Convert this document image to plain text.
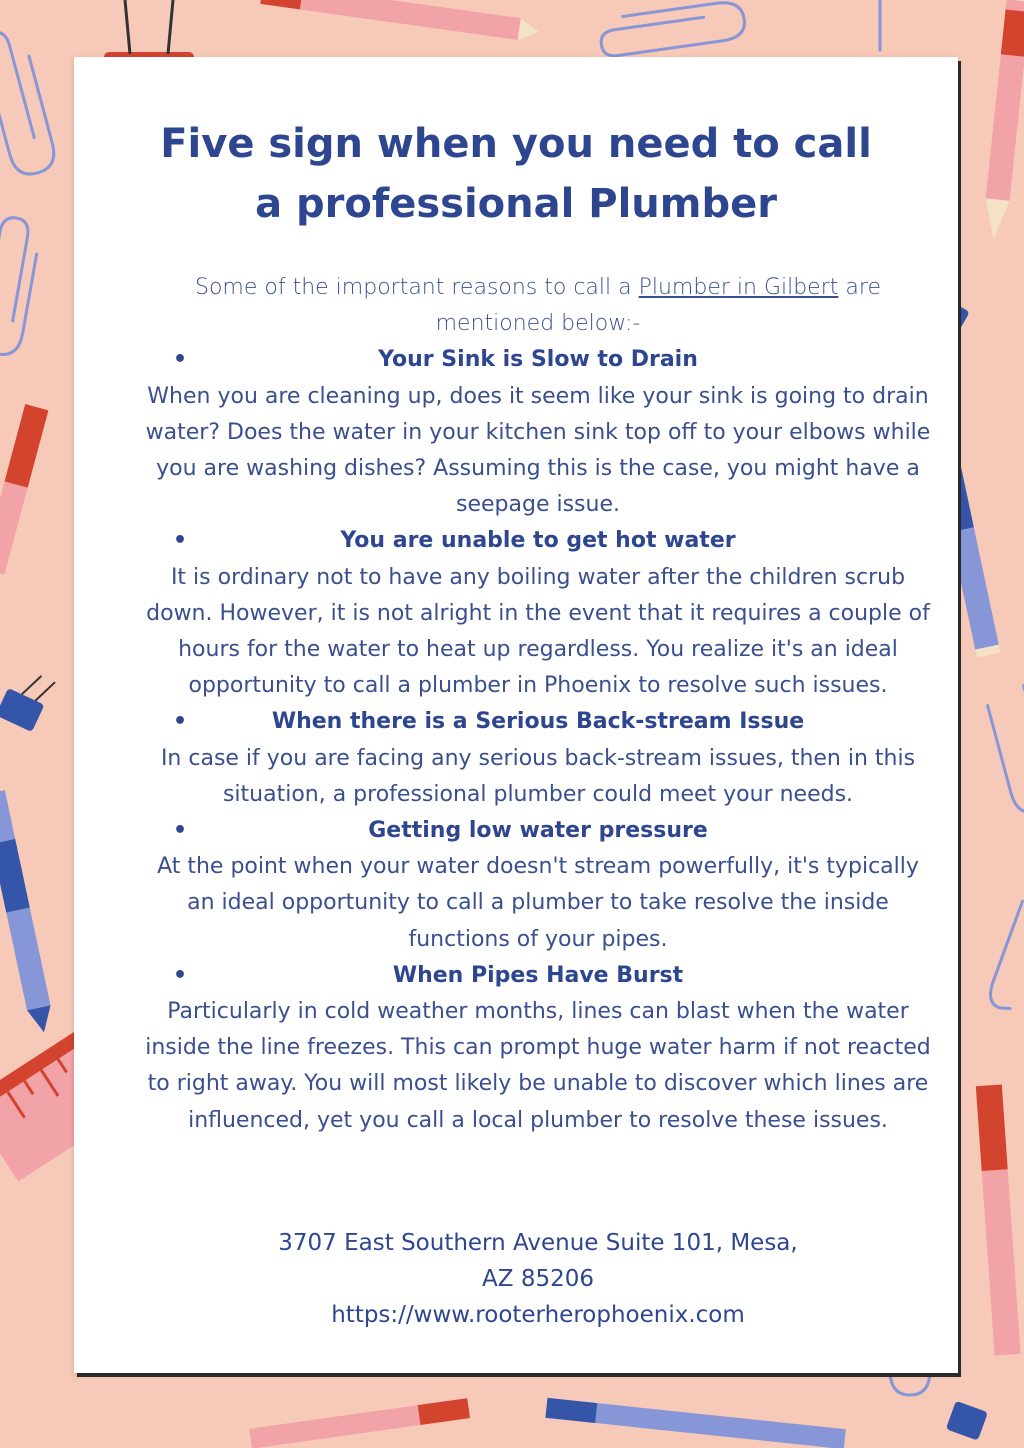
Five sign when you need to call
a professional Plumber

Some of the important reasons to call a Plumber in Gilbert are mentioned below:-

•	Your Sink is Slow to Drain

When you are cleaning up, does it seem like your sink is going to drain water? Does the water in your kitchen sink top off to your elbows while you are washing dishes? Assuming this is the case, you might have a seepage issue.

•	You are unable to get hot water

It is ordinary not to have any boiling water after the children scrub down. However, it is not alright in the event that it requires a couple of hours for the water to heat up regardless. You realize it's an ideal opportunity to call a plumber in Phoenix to resolve such issues.

•	When there is a Serious Back-stream Issue

In case if you are facing any serious back-stream issues, then in this situation, a professional plumber could meet your needs.

•	Getting low water pressure

At the point when your water doesn't stream powerfully, it's typically an ideal opportunity to call a plumber to take resolve the inside functions of your pipes.

•	When Pipes Have Burst

Particularly in cold weather months, lines can blast when the water inside the line freezes. This can prompt huge water harm if not reacted to right away. You will most likely be unable to discover which lines are influenced, yet you call a local plumber to resolve these issues.

3707 East Southern Avenue Suite 101, Mesa,

AZ 85206

https://www.rooterherophoenix.com
